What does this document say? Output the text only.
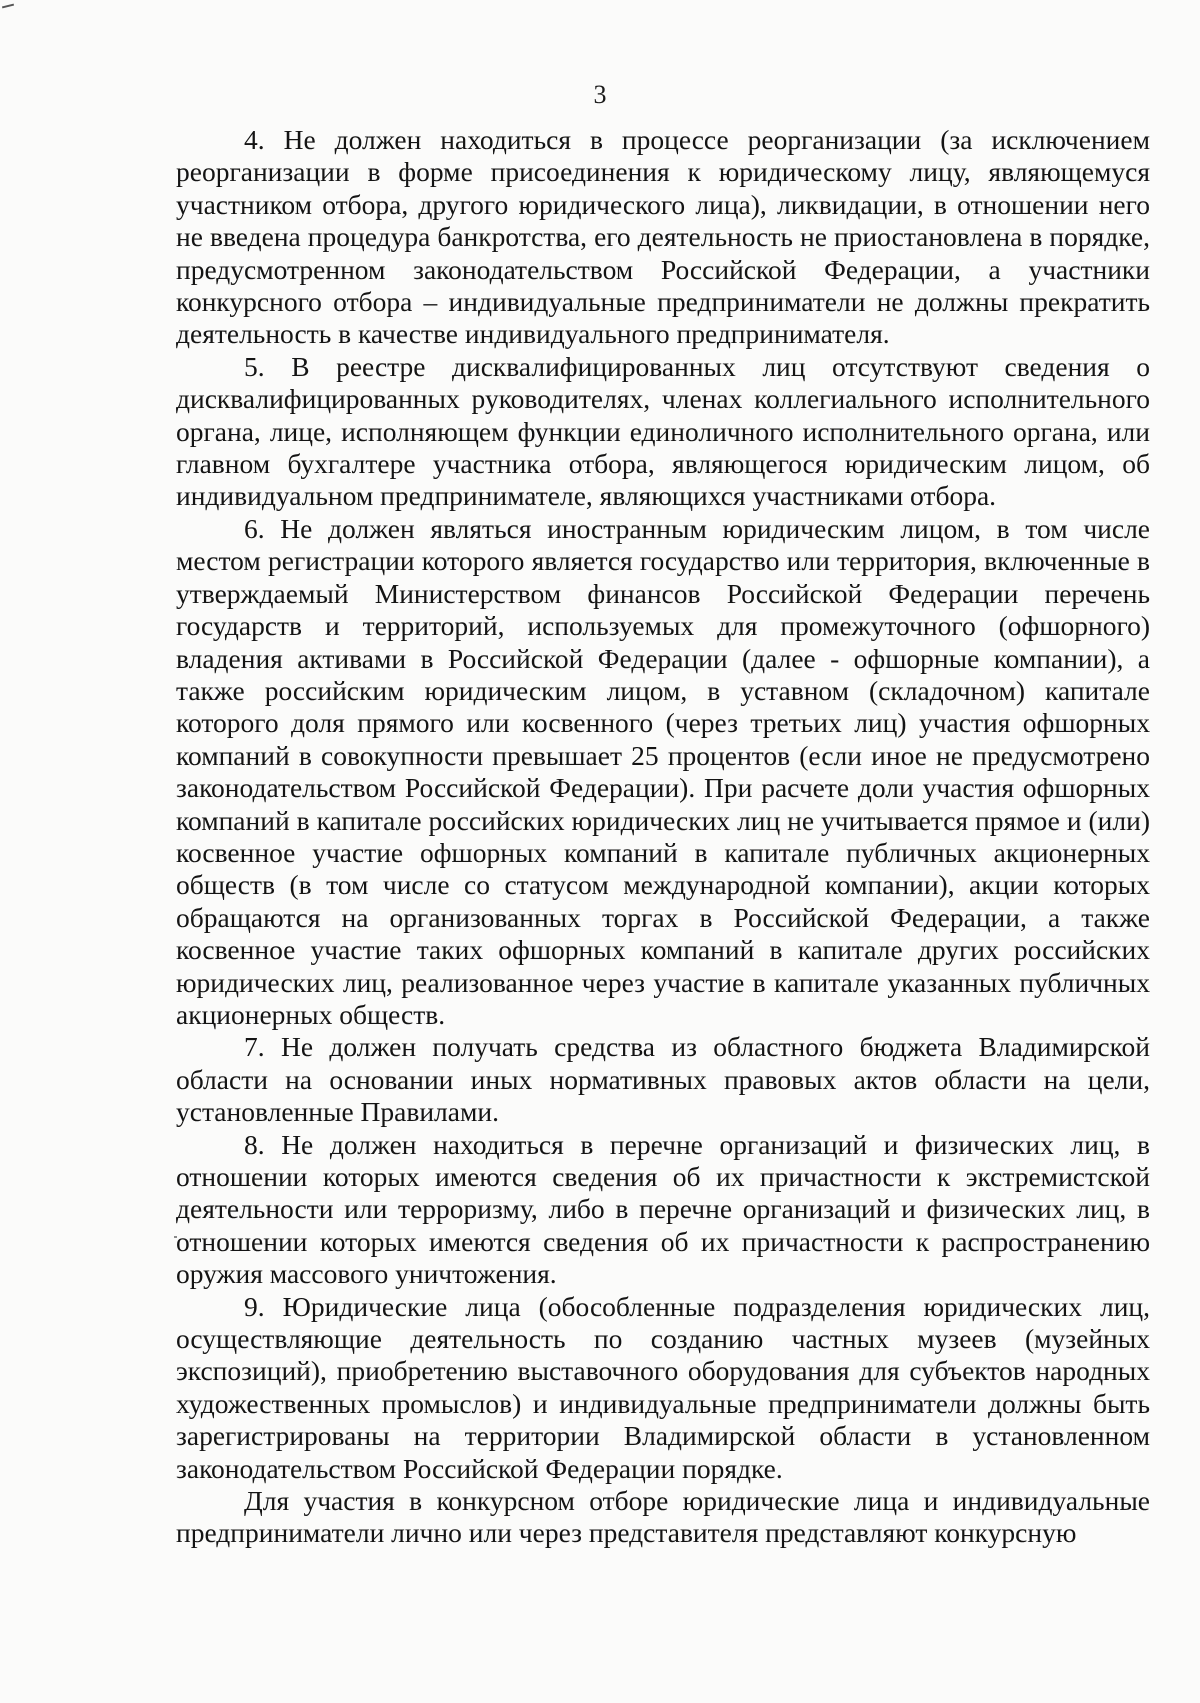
3

4. Не должен находиться в процессе реорганизации (за исключением реорганизации в форме присоединения к юридическому лицу, являющемуся участником отбора, другого юридического лица), ликвидации, в отношении него не введена процедура банкротства, его деятельность не приостановлена в порядке, предусмотренном законодательством Российской Федерации, а участники конкурсного отбора – индивидуальные предприниматели не должны прекратить деятельность в качестве индивидуального предпринимателя.

5. В реестре дисквалифицированных лиц отсутствуют сведения о дисквалифицированных руководителях, членах коллегиального исполнительного органа, лице, исполняющем функции единоличного исполнительного органа, или главном бухгалтере участника отбора, являющегося юридическим лицом, об индивидуальном предпринимателе, являющихся участниками отбора.

6. Не должен являться иностранным юридическим лицом, в том числе местом регистрации которого является государство или территория, включенные в утверждаемый Министерством финансов Российской Федерации перечень государств и территорий, используемых для промежуточного (офшорного) владения активами в Российской Федерации (далее - офшорные компании), а также российским юридическим лицом, в уставном (складочном) капитале которого доля прямого или косвенного (через третьих лиц) участия офшорных компаний в совокупности превышает 25 процентов (если иное не предусмотрено законодательством Российской Федерации). При расчете доли участия офшорных компаний в капитале российских юридических лиц не учитывается прямое и (или) косвенное участие офшорных компаний в капитале публичных акционерных обществ (в том числе со статусом международной компании), акции которых обращаются на организованных торгах в Российской Федерации, а также косвенное участие таких офшорных компаний в капитале других российских юридических лиц, реализованное через участие в капитале указанных публичных акционерных обществ.

7. Не должен получать средства из областного бюджета Владимирской области на основании иных нормативных правовых актов области на цели, установленные Правилами.

8. Не должен находиться в перечне организаций и физических лиц, в отношении которых имеются сведения об их причастности к экстремистской деятельности или терроризму, либо в перечне организаций и физических лиц, в отношении которых имеются сведения об их причастности к распространению оружия массового уничтожения.

9. Юридические лица (обособленные подразделения юридических лиц, осуществляющие деятельность по созданию частных музеев (музейных экспозиций), приобретению выставочного оборудования для субъектов народных художественных промыслов) и индивидуальные предприниматели должны быть зарегистрированы на территории Владимирской области в установленном законодательством Российской Федерации порядке.

Для участия в конкурсном отборе юридические лица и индивидуальные предприниматели лично или через представителя представляют конкурсную
